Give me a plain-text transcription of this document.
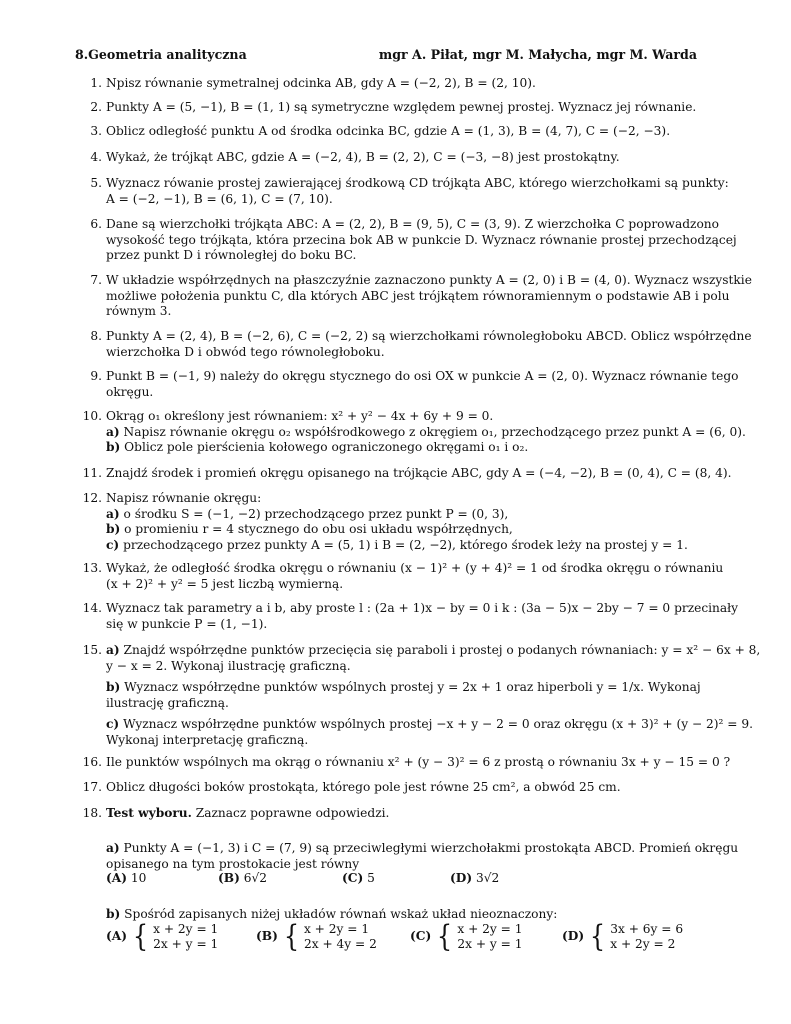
8.Geometria analityczna	mgr A. Piłat, mgr M. Małycha, mgr M. Warda
1. Npisz równanie symetralnej odcinka AB, gdy A = (−2, 2), B = (2, 10).
2. Punkty A = (5, −1), B = (1, 1) są symetryczne względem pewnej prostej. Wyznacz jej równanie.
3. Oblicz odległość punktu A od środka odcinka BC, gdzie A = (1, 3), B = (4, 7), C = (−2, −3).
4. Wykaż, że trójkąt ABC, gdzie A = (−2, 4), B = (2, 2), C = (−3, −8) jest prostokątny.
5. Wyznacz rówanie prostej zawierającej środkową CD trójkąta ABC, którego wierzchołkami są punkty:
A = (−2, −1), B = (6, 1), C = (7, 10).
6. Dane są wierzchołki trójkąta ABC: A = (2, 2), B = (9, 5), C = (3, 9). Z wierzchołka C poprowadzono
wysokość tego trójkąta, która przecina bok AB w punkcie D. Wyznacz równanie prostej przechodzącej
przez punkt D i równoległej do boku BC.
7. W układzie współrzędnych na płaszczyźnie zaznaczono punkty A = (2, 0) i B = (4, 0). Wyznacz wszystkie
możliwe położenia punktu C, dla których ABC jest trójkątem równoramiennym o podstawie AB i polu
równym 3.
8. Punkty A = (2, 4), B = (−2, 6), C = (−2, 2) są wierzchołkami równoległoboku ABCD. Oblicz współrzędne
wierzchołka D i obwód tego równoległoboku.
9. Punkt B = (−1, 9) należy do okręgu stycznego do osi OX w punkcie A = (2, 0). Wyznacz równanie tego
okręgu.
10. Okrąg o₁ określony jest równaniem: x² + y² − 4x + 6y + 9 = 0.
a) Napisz równanie okręgu o₂ współśrodkowego z okręgiem o₁, przechodzącego przez punkt A = (6, 0).
b) Oblicz pole pierścienia kołowego ograniczonego okręgami o₁ i o₂.
11. Znajdź środek i promień okręgu opisanego na trójkącie ABC, gdy A = (−4, −2), B = (0, 4), C = (8, 4).
12. Napisz równanie okręgu:
a) o środku S = (−1, −2) przechodzącego przez punkt P = (0, 3),
b) o promieniu r = 4 stycznego do obu osi układu współrzędnych,
c) przechodzącego przez punkty A = (5, 1) i B = (2, −2), którego środek leży na prostej y = 1.
13. Wykaż, że odległość środka okręgu o równaniu (x − 1)² + (y + 4)² = 1 od środka okręgu o równaniu
(x + 2)² + y² = 5 jest liczbą wymierną.
14. Wyznacz tak parametry a i b, aby proste l : (2a + 1)x − by = 0 i k : (3a − 5)x − 2by − 7 = 0 przecinały
się w punkcie P = (1, −1).
15. a) Znajdź współrzędne punktów przecięcia się paraboli i prostej o podanych równaniach: y = x² − 6x + 8,
y − x = 2. Wykonaj ilustrację graficzną.
b) Wyznacz współrzędne punktów wspólnych prostej y = 2x + 1 oraz hiperboli y = 1/x. Wykonaj
ilustrację graficzną.
c) Wyznacz współrzędne punktów wspólnych prostej −x + y − 2 = 0 oraz okręgu (x + 3)² + (y − 2)² = 9.
Wykonaj interpretację graficzną.
16. Ile punktów wspólnych ma okrąg o równaniu x² + (y − 3)² = 6 z prostą o równaniu 3x + y − 15 = 0 ?
17. Oblicz długości boków prostokąta, którego pole jest równe 25 cm², a obwód 25 cm.
18. Test wyboru. Zaznacz poprawne odpowiedzi.
a) Punkty A = (−1, 3) i C = (7, 9) są przeciwległymi wierzchołakmi prostokąta ABCD. Promień okręgu
opisanego na tym prostokacie jest równy
(A) 10	(B) 6√2	(C) 5	(D) 3√2
b) Spośród zapisanych niżej układów równań wskaż układ nieoznaczony:
(A) { x + 2y = 1
2x + y = 1
(B) { x + 2y = 1
2x + 4y = 2
(C) { x + 2y = 1
2x + y = 1
(D) { 3x + 6y = 6
x + 2y = 2
